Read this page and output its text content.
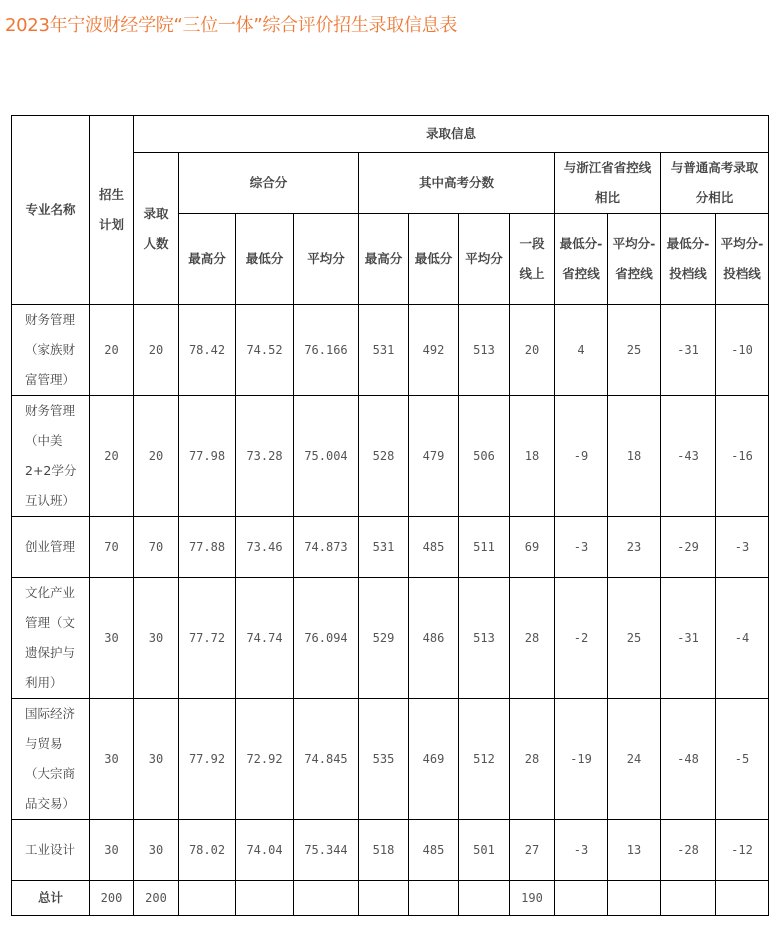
2023年宁波财经学院“三位一体”综合评价招生录取信息表
专业名称	招生计划	录取信息											
		录取人数	综合分			其中高考分数				与浙江省省控线相比		与普通高考录取分相比	
			最高分	最低分	平均分	最高分	最低分	平均分	一段线上	最低分-省控线	平均分-省控线	最低分-投档线	平均分-投档线
财务管理（家族财富管理）	20	20	78.42	74.52	76.166	531	492	513	20	4	25	-31	-10
财务管理（中美2+2学分互认班）	20	20	77.98	73.28	75.004	528	479	506	18	-9	18	-43	-16
创业管理	70	70	77.88	73.46	74.873	531	485	511	69	-3	23	-29	-3
文化产业管理（文遗保护与利用）	30	30	77.72	74.74	76.094	529	486	513	28	-2	25	-31	-4
国际经济与贸易（大宗商品交易）	30	30	77.92	72.92	74.845	535	469	512	28	-19	24	-48	-5
工业设计	30	30	78.02	74.04	75.344	518	485	501	27	-3	13	-28	-12
总计	200	200							190				
